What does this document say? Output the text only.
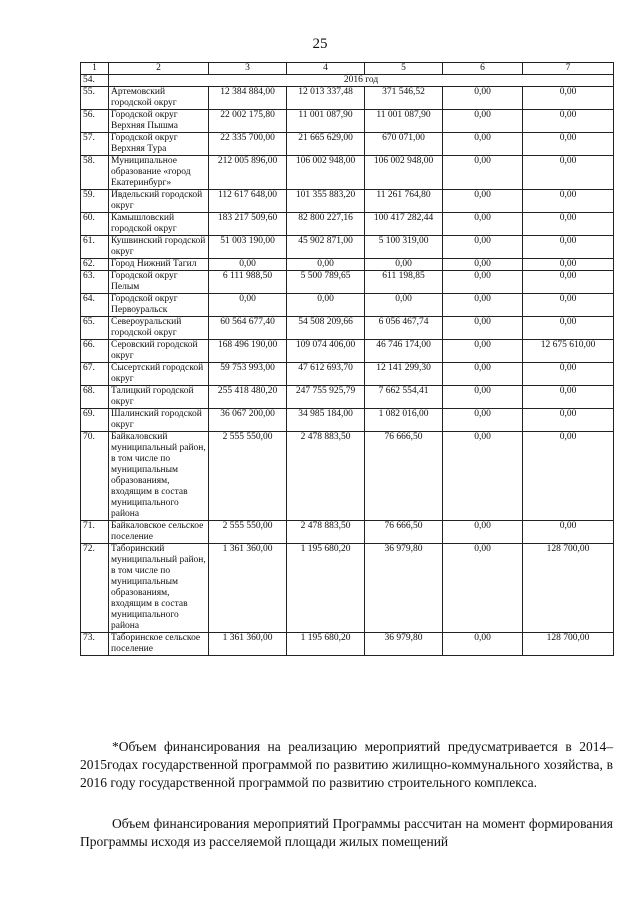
25
1	2	3	4	5	6	7
54.	2016 год					
55.	Артемовский городской округ	12 384 884,00	12 013 337,48	371 546,52	0,00	0,00
56.	Городской округ Верхняя Пышма	22 002 175,80	11 001 087,90	11 001 087,90	0,00	0,00
57.	Городской округ Верхняя Тура	22 335 700,00	21 665 629,00	670 071,00	0,00	0,00
58.	Муниципальное образование «город Екатеринбург»	212 005 896,00	106 002 948,00	106 002 948,00	0,00	0,00
59.	Ивдельский городской округ	112 617 648,00	101 355 883,20	11 261 764,80	0,00	0,00
60.	Камышловский городской округ	183 217 509,60	82 800 227,16	100 417 282,44	0,00	0,00
61.	Кушвинский городской округ	51 003 190,00	45 902 871,00	5 100 319,00	0,00	0,00
62.	Город Нижний Тагил	0,00	0,00	0,00	0,00	0,00
63.	Городской округ Пелым	6 111 988,50	5 500 789,65	611 198,85	0,00	0,00
64.	Городской округ Первоуральск	0,00	0,00	0,00	0,00	0,00
65.	Североуральский городской округ	60 564 677,40	54 508 209,66	6 056 467,74	0,00	0,00
66.	Серовский городской округ	168 496 190,00	109 074 406,00	46 746 174,00	0,00	12 675 610,00
67.	Сысертский городской округ	59 753 993,00	47 612 693,70	12 141 299,30	0,00	0,00
68.	Талицкий городской округ	255 418 480,20	247 755 925,79	7 662 554,41	0,00	0,00
69.	Шалинский городской округ	36 067 200,00	34 985 184,00	1 082 016,00	0,00	0,00
70.	Байкаловский муниципальный район, в том числе по муниципальным образованиям, входящим в состав муниципального района	2 555 550,00	2 478 883,50	76 666,50	0,00	0,00
71.	Байкаловское сельское поселение	2 555 550,00	2 478 883,50	76 666,50	0,00	0,00
72.	Таборинский муниципальный район, в том числе по муниципальным образованиям, входящим в состав муниципального района	1 361 360,00	1 195 680,20	36 979,80	0,00	128 700,00
73.	Таборинское сельское поселение	1 361 360,00	1 195 680,20	36 979,80	0,00	128 700,00
*Объем финансирования на реализацию мероприятий предусматривается в 2014–2015годах государственной программой по развитию жилищно-коммунального хозяйства, в 2016 году государственной программой по развитию строительного комплекса.
Объем финансирования мероприятий Программы рассчитан на момент формирования Программы исходя из расселяемой площади жилых помещений
